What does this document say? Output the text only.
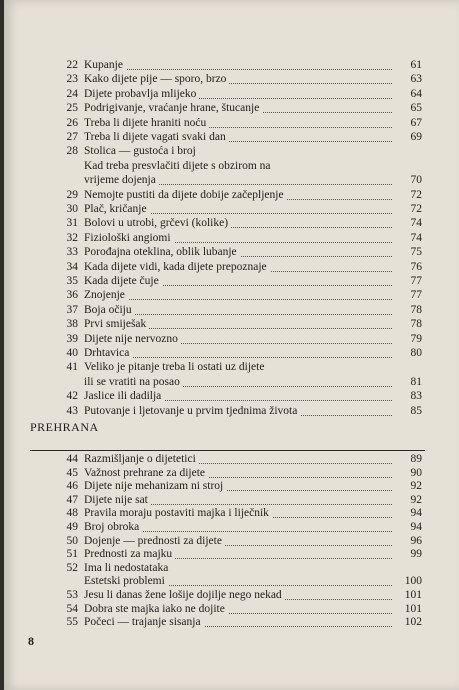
22 Kupanje	61
23 Kako dijete pije — sporo, brzo	63
24 Dijete probavlja mlijeko	64
25 Podrigivanje, vraćanje hrane, štucanje	65
26 Treba li dijete hraniti noću	67
27 Treba li dijete vagati svaki dan	69
28 Stolica — gustoća i broj
Kad treba presvlačiti dijete s obzirom na
vrijeme dojenja	70
29 Nemojte pustiti da dijete dobije začepljenje	72
30 Plač, kričanje	72
31 Bolovi u utrobi, grčevi (kolike)	74
32 Fiziološki angiomi	74
33 Porođajna oteklina, oblik lubanje	75
34 Kada dijete vidi, kada dijete prepoznaje	76
35 Kada dijete čuje	77
36 Znojenje	77
37 Boja očiju	78
38 Prvi smiješak	78
39 Dijete nije nervozno	79
40 Drhtavica	80
41 Veliko je pitanje treba li ostati uz dijete
ili se vratiti na posao	81
42 Jaslice ili dadilja	83
43 Putovanje i ljetovanje u prvim tjednima života	85
PREHRANA
44 Razmišljanje o dijetetici	89
45 Važnost prehrane za dijete	90
46 Dijete nije mehanizam ni stroj	92
47 Dijete nije sat	92
48 Pravila moraju postaviti majka i liječnik	94
49 Broj obroka	94
50 Dojenje — prednosti za dijete	96
51 Prednosti za majku	99
52 Ima li nedostataka
Estetski problemi	100
53 Jesu li danas žene lošije dojilje nego nekad	101
54 Dobra ste majka iako ne dojite	101
55 Počeci — trajanje sisanja	102
8
